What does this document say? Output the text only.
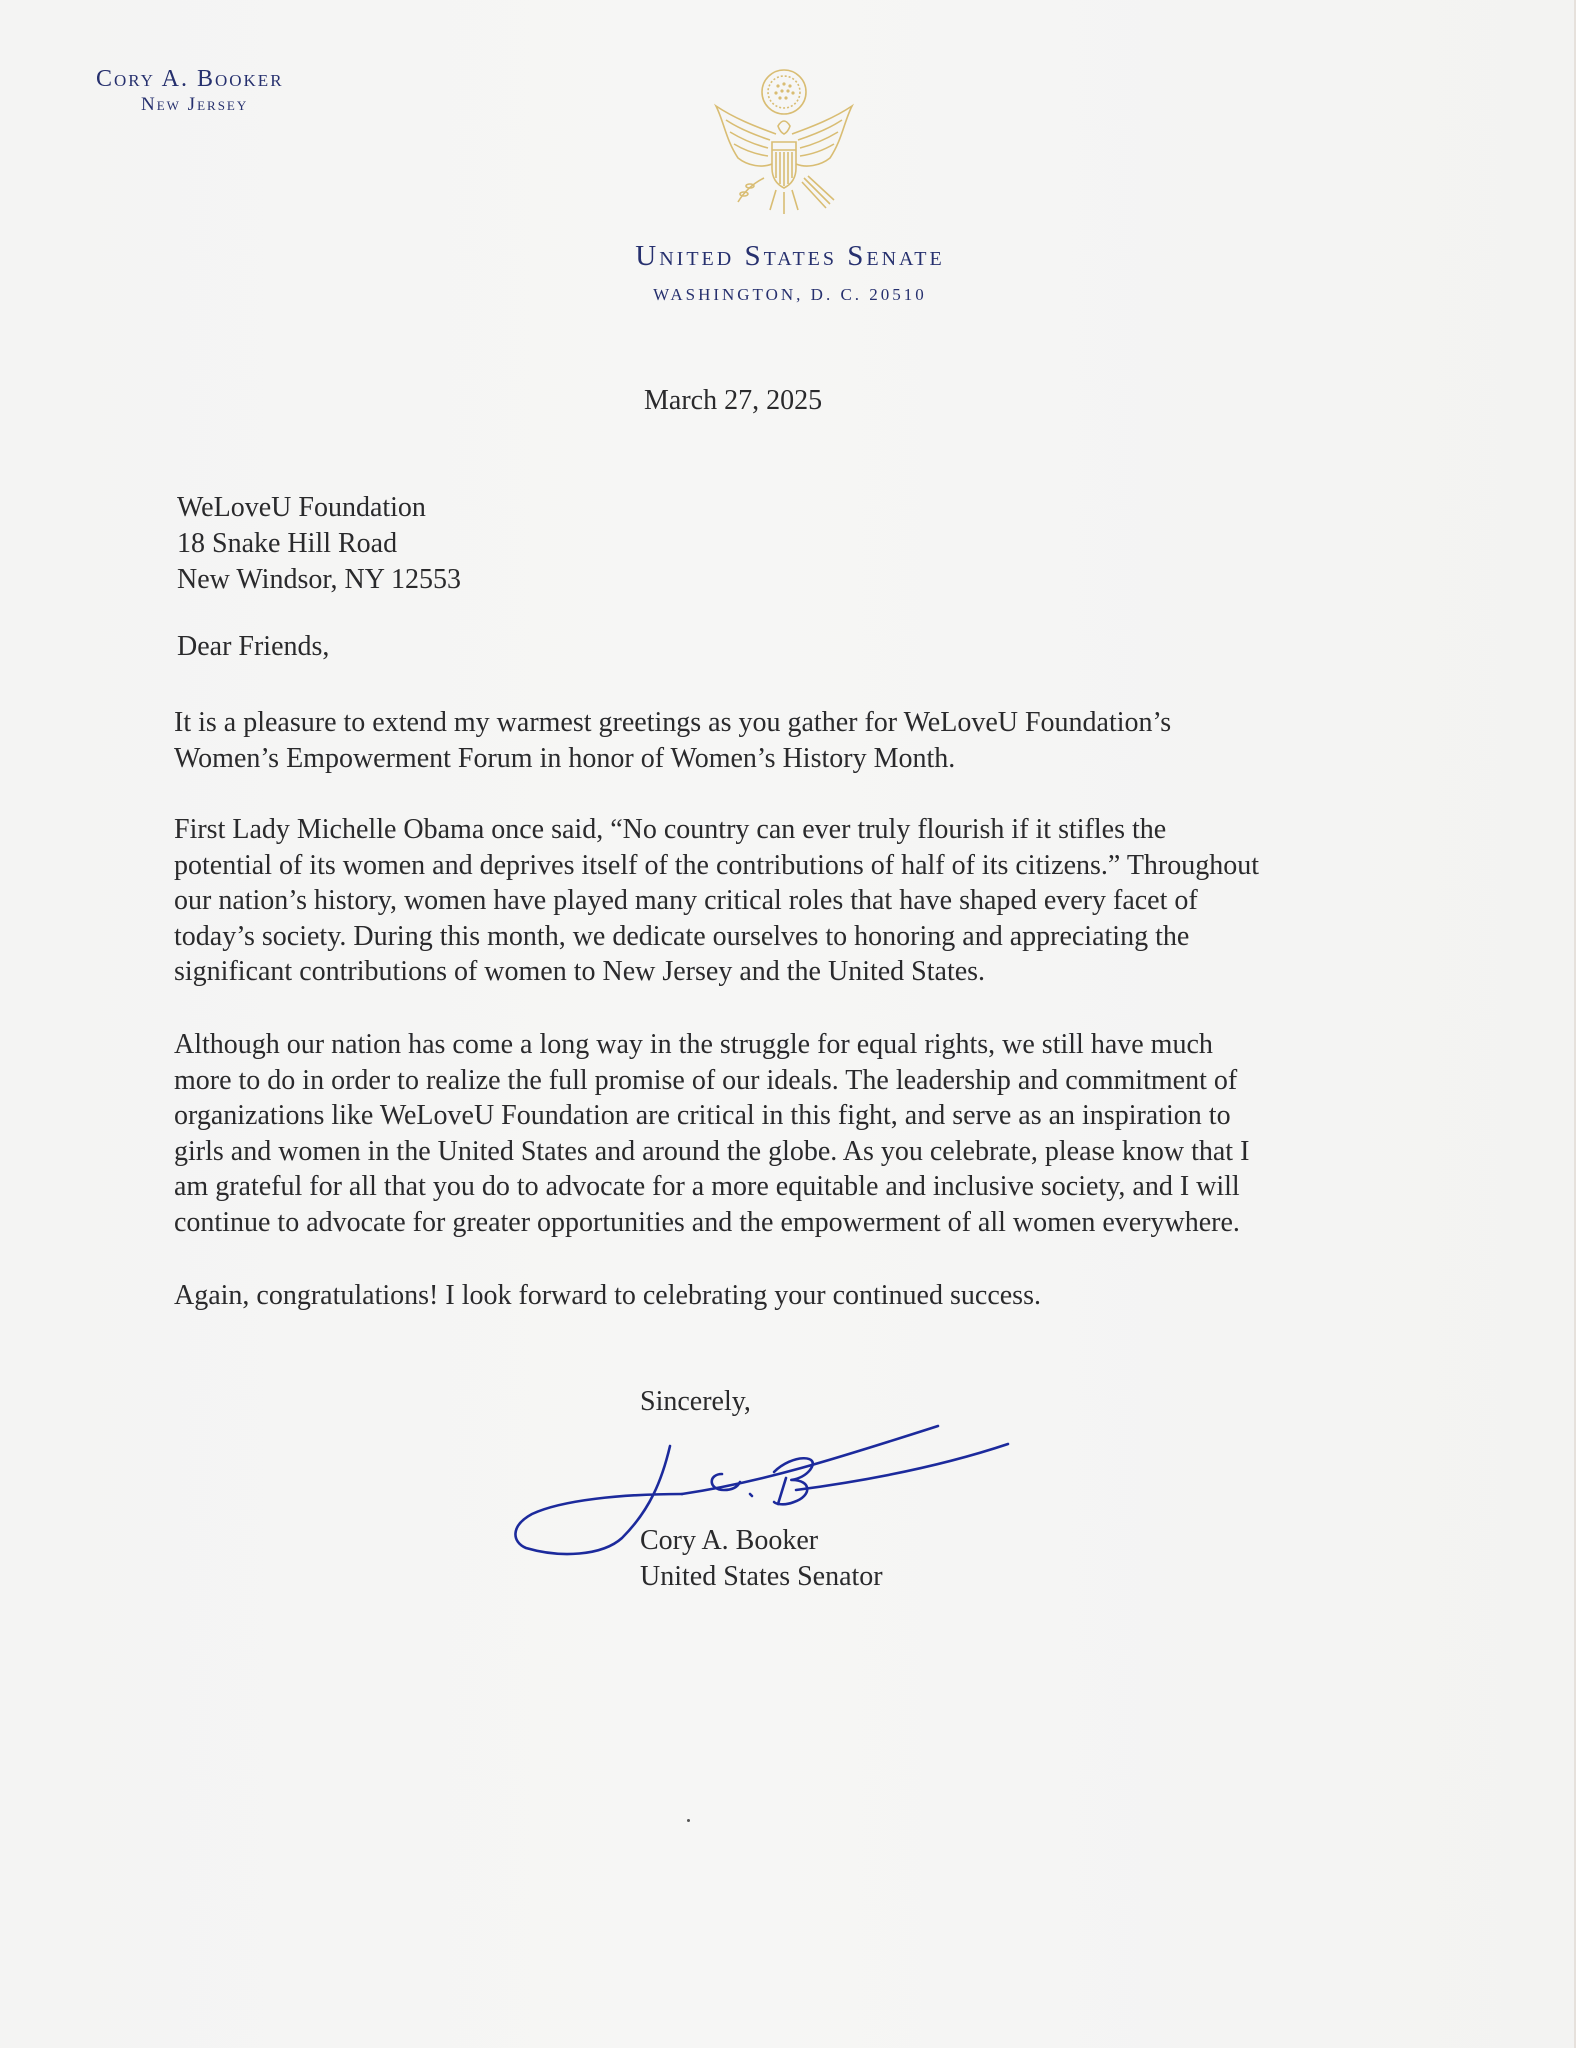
Cory A. Booker
New Jersey
United States Senate
WASHINGTON, D. C. 20510
March 27, 2025
WeLoveU Foundation
18 Snake Hill Road
New Windsor, NY 12553
Dear Friends,
It is a pleasure to extend my warmest greetings as you gather for WeLoveU Foundation’s
Women’s Empowerment Forum in honor of Women’s History Month.
First Lady Michelle Obama once said, “No country can ever truly flourish if it stifles the
potential of its women and deprives itself of the contributions of half of its citizens.” Throughout
our nation’s history, women have played many critical roles that have shaped every facet of
today’s society. During this month, we dedicate ourselves to honoring and appreciating the
significant contributions of women to New Jersey and the United States.
Although our nation has come a long way in the struggle for equal rights, we still have much
more to do in order to realize the full promise of our ideals. The leadership and commitment of
organizations like WeLoveU Foundation are critical in this fight, and serve as an inspiration to
girls and women in the United States and around the globe. As you celebrate, please know that I
am grateful for all that you do to advocate for a more equitable and inclusive society, and I will
continue to advocate for greater opportunities and the empowerment of all women everywhere.
Again, congratulations! I look forward to celebrating your continued success.
Sincerely,
Cory A. Booker
United States Senator
